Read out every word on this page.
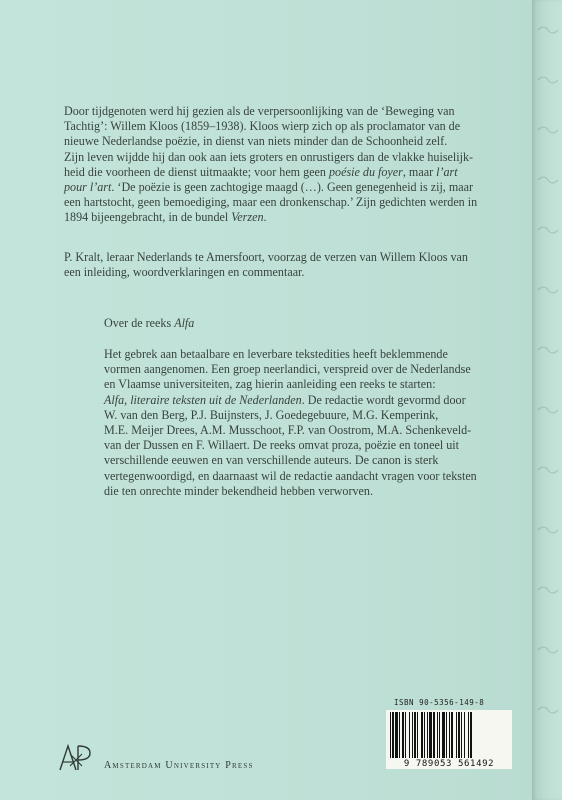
Door tijdgenoten werd hij gezien als de verpersoonlijking van de ‘Beweging van
Tachtig’: Willem Kloos (1859–1938). Kloos wierp zich op als proclamator van de
nieuwe Nederlandse poëzie, in dienst van niets minder dan de Schoonheid zelf.
Zijn leven wijdde hij dan ook aan iets groters en onrustigers dan de vlakke huiselijk-
heid die voorheen de dienst uitmaakte; voor hem geen poésie du foyer, maar l’art
pour l’art. ‘De poëzie is geen zachtogige maagd (…). Geen genegenheid is zij, maar
een hartstocht, geen bemoediging, maar een dronkenschap.’ Zijn gedichten werden in
1894 bijeengebracht, in de bundel Verzen.
P. Kralt, leraar Nederlands te Amersfoort, voorzag de verzen van Willem Kloos van
een inleiding, woordverklaringen en commentaar.
Over de reeks Alfa
Het gebrek aan betaalbare en leverbare tekstedities heeft beklemmende
vormen aangenomen. Een groep neerlandici, verspreid over de Nederlandse
en Vlaamse universiteiten, zag hierin aanleiding een reeks te starten:
Alfa, literaire teksten uit de Nederlanden. De redactie wordt gevormd door
W. van den Berg, P.J. Buijnsters, J. Goedegebuure, M.G. Kemperink,
M.E. Meijer Drees, A.M. Musschoot, F.P. van Oostrom, M.A. Schenkeveld-
van der Dussen en F. Willaert. De reeks omvat proza, poëzie en toneel uit
verschillende eeuwen en van verschillende auteurs. De canon is sterk
vertegenwoordigd, en daarnaast wil de redactie aandacht vragen voor teksten
die ten onrechte minder bekendheid hebben verworven.
ISBN 90-5356-149-8
9 789053 561492
Amsterdam University Press
